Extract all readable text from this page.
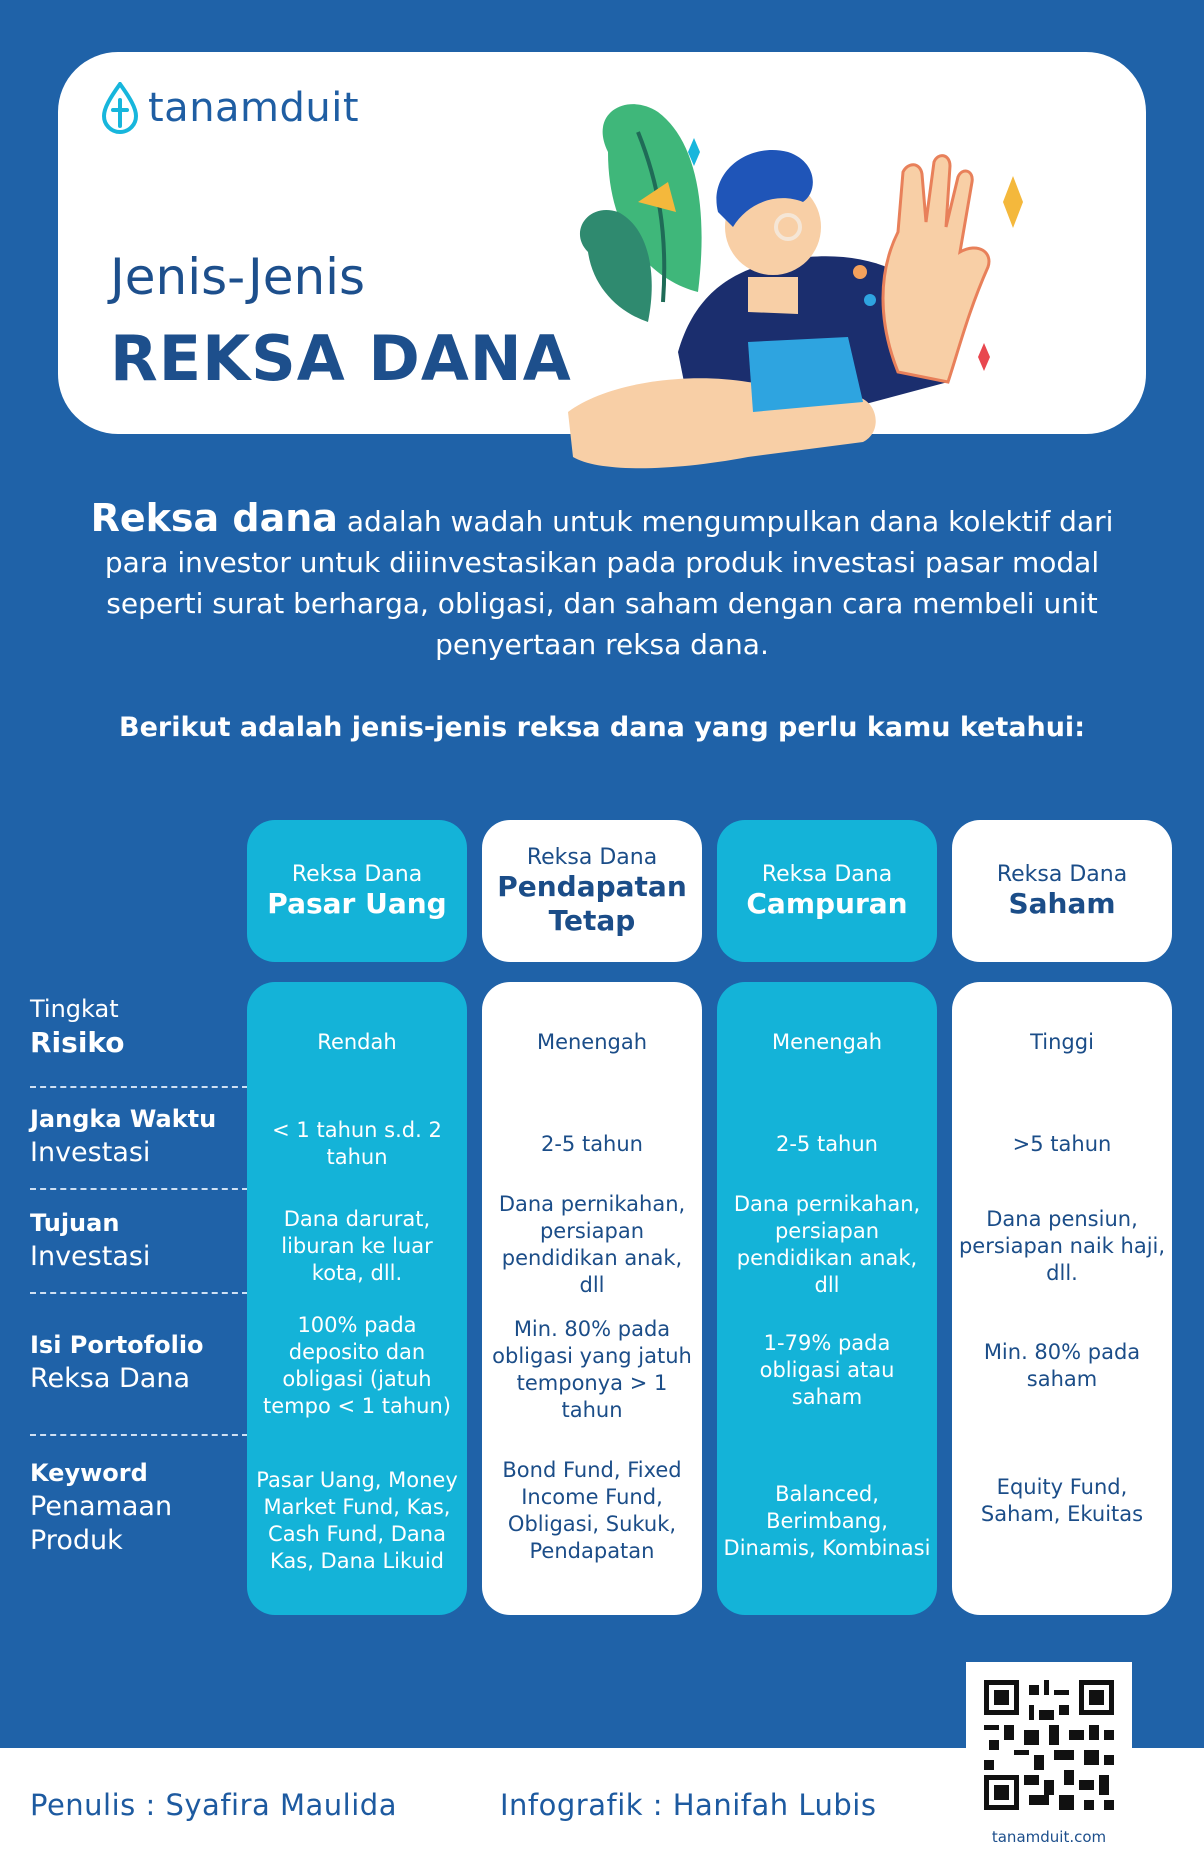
tanamduit
Jenis-Jenis
REKSA DANA
Reksa dana adalah wadah untuk mengumpulkan dana kolektif dari para investor untuk diiinvestasikan pada produk investasi pasar modal seperti surat berharga, obligasi, dan saham dengan cara membeli unit penyertaan reksa dana.
Berikut adalah jenis-jenis reksa dana yang perlu kamu ketahui:
Tingkat
Risiko
Jangka Waktu
Investasi
Tujuan
Investasi
Isi Portofolio
Reksa Dana
Keyword
Penamaan Produk
Reksa Dana
Pasar Uang
Rendah
< 1 tahun s.d. 2 tahun
Dana darurat, liburan ke luar kota, dll.
100% pada deposito dan obligasi (jatuh tempo < 1 tahun)
Pasar Uang, Money Market Fund, Kas, Cash Fund, Dana Kas, Dana Likuid
Reksa Dana
Pendapatan Tetap
Menengah
2-5 tahun
Dana pernikahan, persiapan pendidikan anak, dll
Min. 80% pada obligasi yang jatuh temponya > 1 tahun
Bond Fund, Fixed Income Fund, Obligasi, Sukuk, Pendapatan
Reksa Dana
Campuran
Menengah
2-5 tahun
Dana pernikahan, persiapan pendidikan anak, dll
1-79% pada obligasi atau saham
Balanced, Berimbang, Dinamis, Kombinasi
Reksa Dana
Saham
Tinggi
>5 tahun
Dana pensiun, persiapan naik haji, dll.
Min. 80% pada saham
Equity Fund, Saham, Ekuitas
Penulis : Syafira Maulida	Infografik : Hanifah Lubis
tanamduit.com
